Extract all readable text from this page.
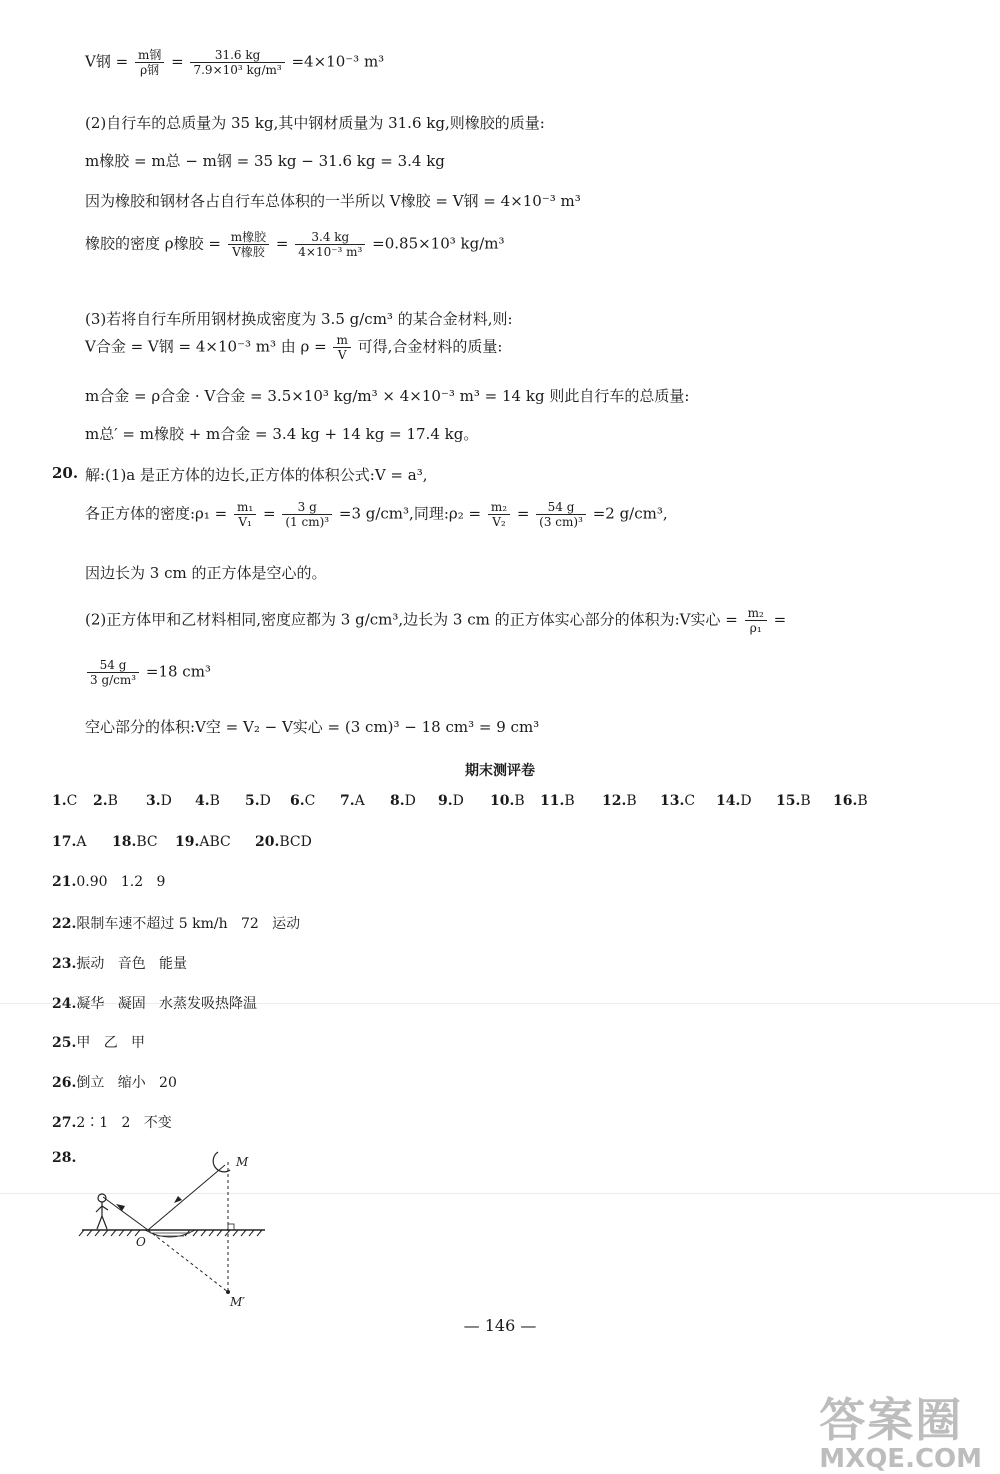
V钢 = $\frac{\text{m钢}}{\text{ρ钢}} = \frac{31.6 kg}{\text{7.9×10³ kg/m³}} =4\times 10^{-3}$ m³
(2)自行车的总质量为 35 kg,其中钢材质量为 31.6 kg,则橡胶的质量:
m橡胶 = m总 − m钢 = 35 kg − 31.6 kg = 3.4 kg
因为橡胶和钢材各占自行车总体积的一半所以 V橡胶 = V钢 = 4×10⁻³ m³
橡胶的密度 ρ橡胶 = $\frac{\text{m橡胶}}{\text{V橡胶}} = \frac{3.4 kg}{\text{4×10⁻³ m³}} =0.85\times 10^3$ kg/m³
(3)若将自行车所用钢材换成密度为 3.5 g/cm³ 的某合金材料,则:
V合金 = V钢 = 4×10⁻³ m³ 由 $\rho = \frac{m}{V}$ 可得,合金材料的质量:
m合金 = ρ合金 · V合金 = 3.5×10³ kg/m³ × 4×10⁻³ m³ = 14 kg 则此自行车的总质量:
m总′ = m橡胶 + m合金 = 3.4 kg + 14 kg = 17.4 kg。
20. 解:(1)a 是正方体的边长,正方体的体积公式:V = a³,
各正方体的密度:ρ₁ = $\frac{\text{m₁}}{\text{V₁}} = \frac{3 g}{\text{(1 cm)³}} =3$ g/cm³,同理:ρ₂ = $\frac{\text{m₂}}{\text{V₂}} = \frac{54 g}{\text{(3 cm)³}} =2$ g/cm³,
因边长为 3 cm 的正方体是空心的。
(2)正方体甲和乙材料相同,密度应都为 3 g/cm³,边长为 3 cm 的正方体实心部分的体积为:V实心 = $\frac{\text{m₂}}{\text{ρ₁}}$ =
$\frac{54 g}{\text{3 g/cm³}} =18$ cm³
空心部分的体积:V空 = V₂ − V实心 = (3 cm)³ − 18 cm³ = 9 cm³
期末测评卷
1.C 2.B 3.D 4.B 5.D 6.C 7.A 8.D 9.D 10.B 11.B 12.B 13.C 14.D 15.B 16.B
17.A 18.BC 19.ABC 20.BCD
21.0.90   1.2   9
22.限制车速不超过 5 km/h   72   运动
23.振动   音色   能量
24.凝华   凝固   水蒸发吸热降温
25.甲   乙   甲
26.倒立   缩小   20
27.2∶1   2   不变
28.	M
M′
O
— 146 —
答案圈
MXQE.COM
